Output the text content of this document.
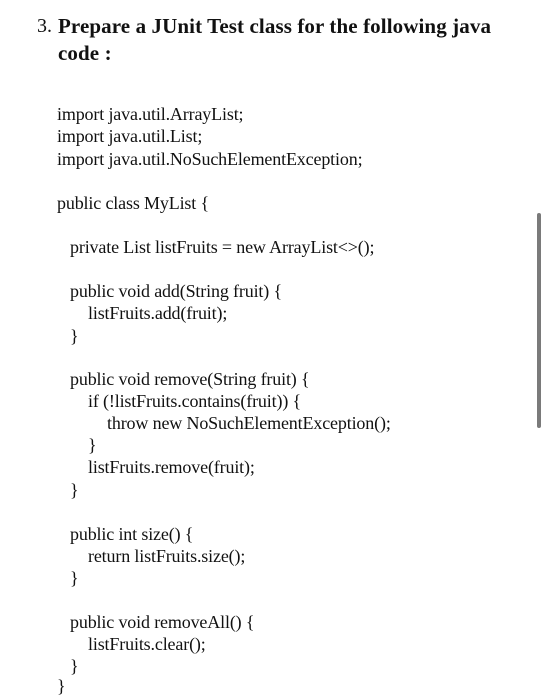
3. Prepare a JUnit Test class for the following java code :
import java.util.ArrayList;
import java.util.List;
import java.util.NoSuchElementException;
public class MyList {
private List listFruits = new ArrayList<>();
public void add(String fruit) {
listFruits.add(fruit);
}
public void remove(String fruit) {
if (!listFruits.contains(fruit)) {
throw new NoSuchElementException();
}
listFruits.remove(fruit);
}
public int size() {
return listFruits.size();
}
public void removeAll() {
listFruits.clear();
}
}
